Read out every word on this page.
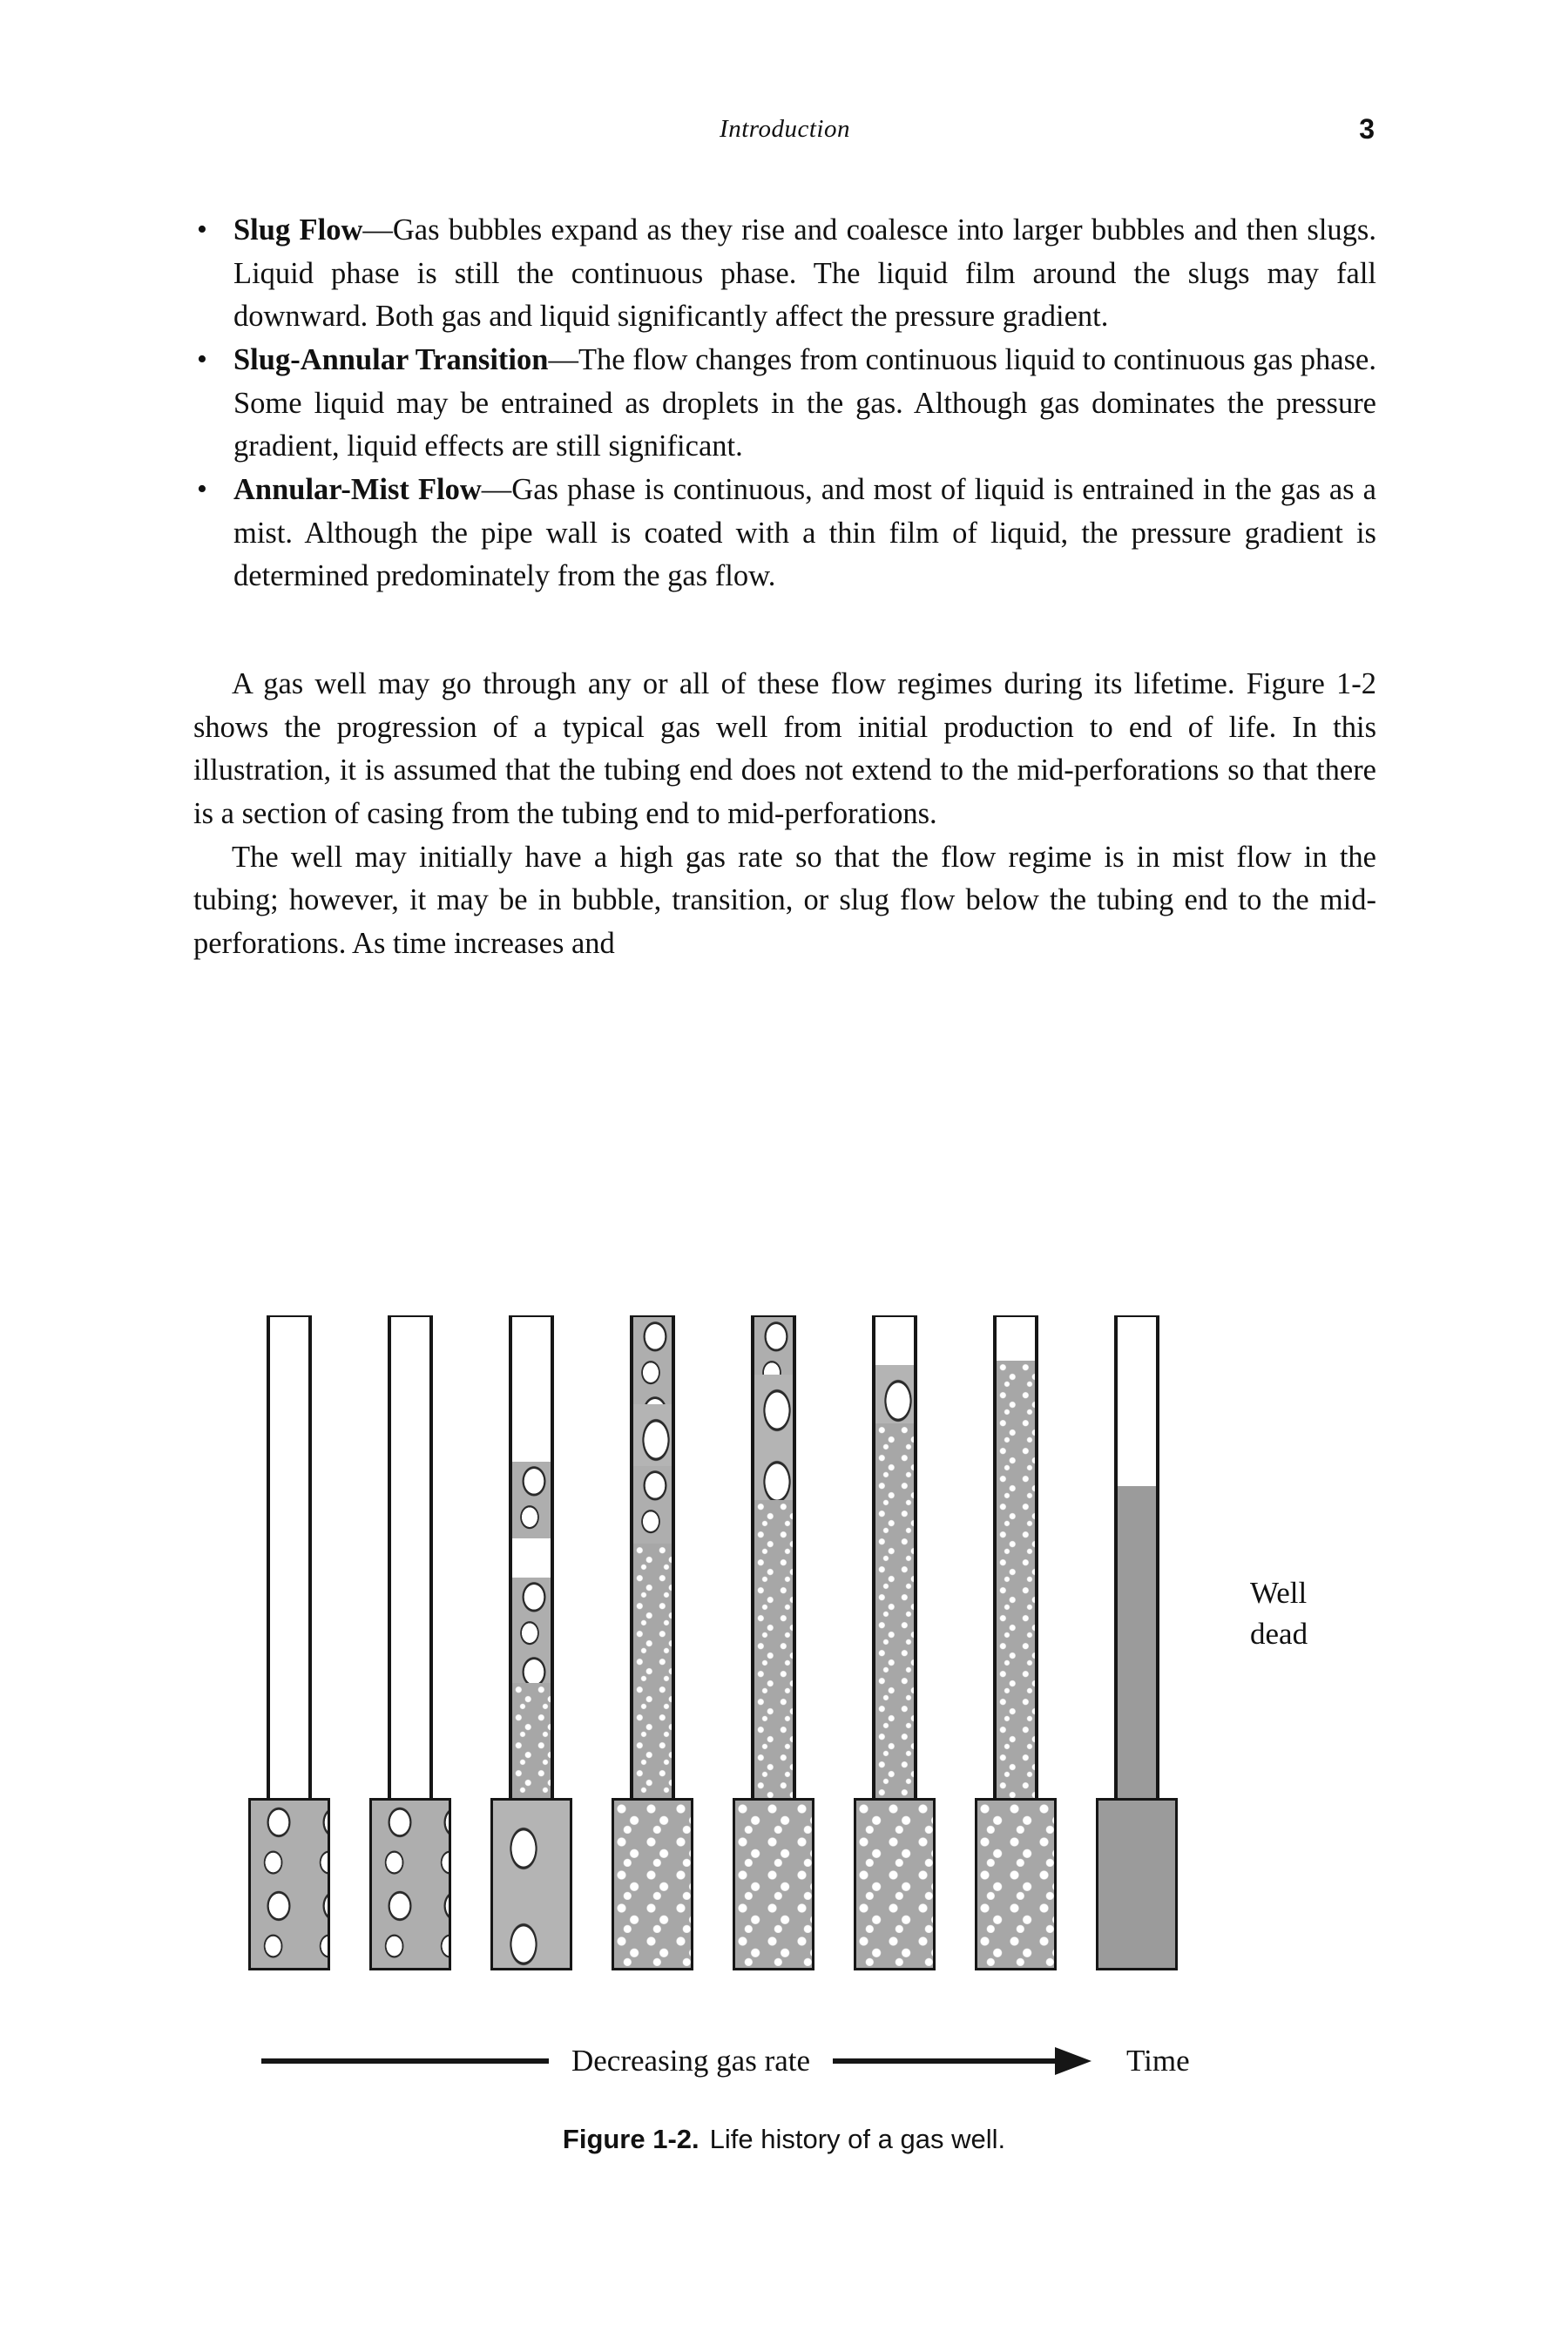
Introduction	3
• Slug Flow—Gas bubbles expand as they rise and coalesce into larger bubbles and then slugs. Liquid phase is still the continuous phase. The liquid film around the slugs may fall downward. Both gas and liquid significantly affect the pressure gradient.
• Slug-Annular Transition—The flow changes from continuous liquid to continuous gas phase. Some liquid may be entrained as droplets in the gas. Although gas dominates the pressure gradient, liquid effects are still significant.
• Annular-Mist Flow—Gas phase is continuous, and most of liquid is entrained in the gas as a mist. Although the pipe wall is coated with a thin film of liquid, the pressure gradient is determined predominately from the gas flow.

A gas well may go through any or all of these flow regimes during its lifetime. Figure 1-2 shows the progression of a typical gas well from initial production to end of life. In this illustration, it is assumed that the tubing end does not extend to the mid-perforations so that there is a section of casing from the tubing end to mid-perforations.

The well may initially have a high gas rate so that the flow regime is in mist flow in the tubing; however, it may be in bubble, transition, or slug flow below the tubing end to the mid-perforations. As time increases and

Well dead
Decreasing gas rate	Time
Figure 1-2. Life history of a gas well.
